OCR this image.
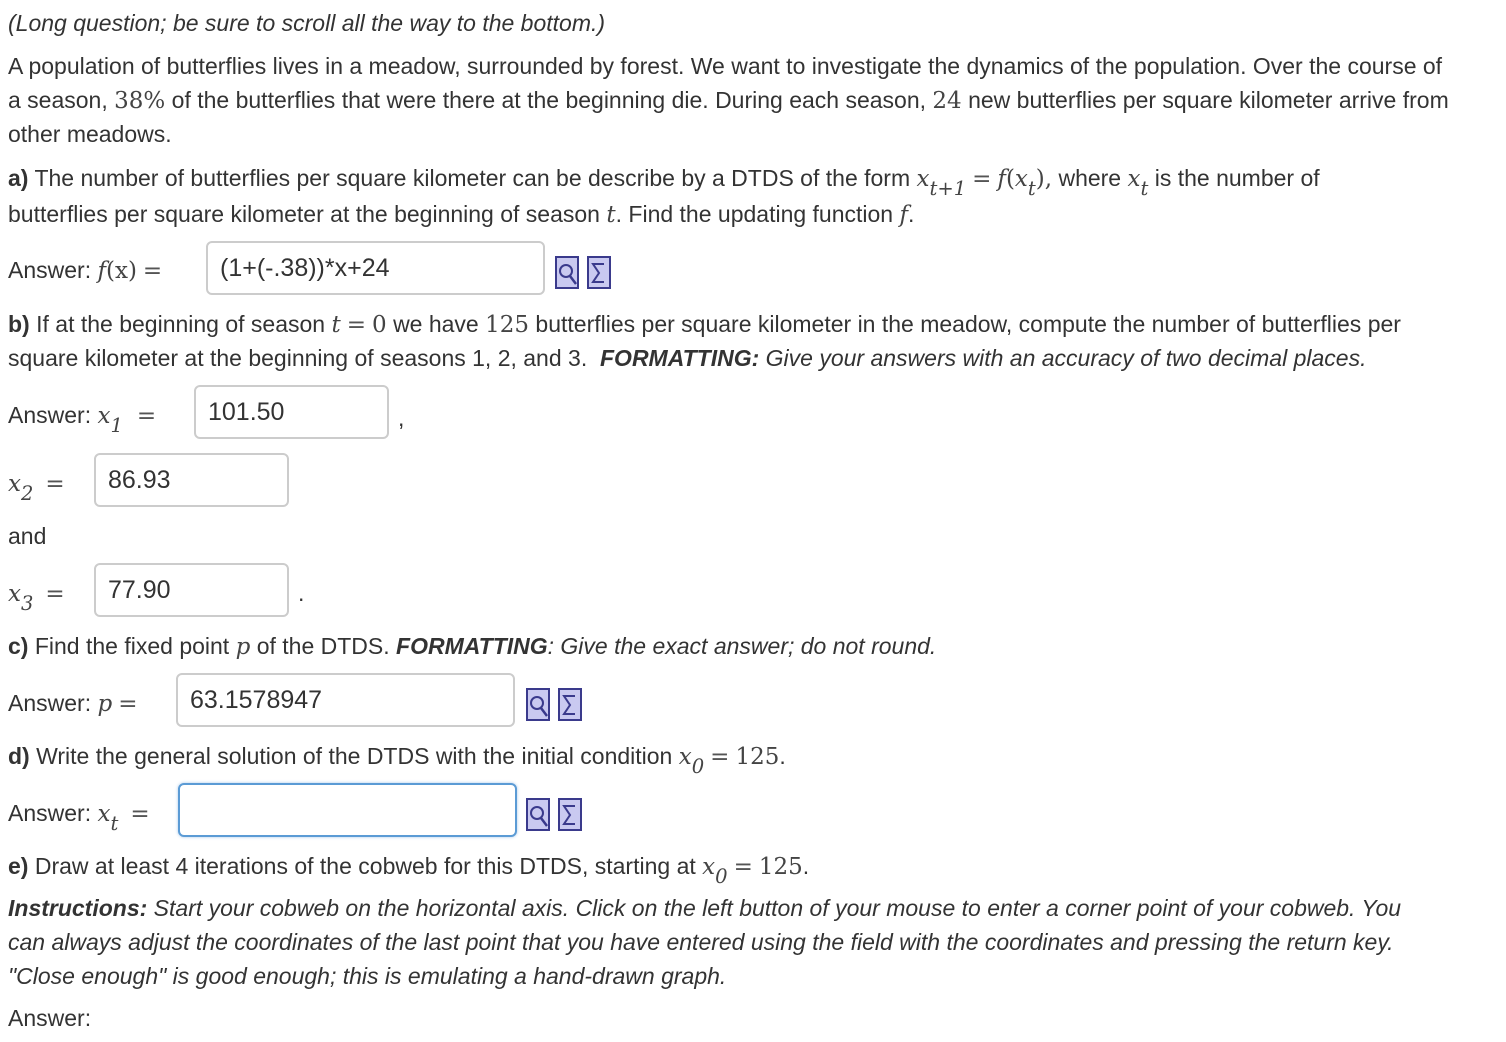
(Long question; be sure to scroll all the way to the bottom.)
A population of butterflies lives in a meadow, surrounded by forest. We want to investigate the dynamics of the population. Over the course of
a season, 38% of the butterflies that were there at the beginning die. During each season, 24 new butterflies per square kilometer arrive from
other meadows.
a) The number of butterflies per square kilometer can be describe by a DTDS of the form $x_{t+1} = f(x_t)$, where $x_t$ is the number of
butterflies per square kilometer at the beginning of season t. Find the updating function f.
Answer: f(x) =	(1+(-.38))*x+24
b) If at the beginning of season t = 0 we have 125 butterflies per square kilometer in the meadow, compute the number of butterflies per
square kilometer at the beginning of seasons 1, 2, and 3. FORMATTING: Give your answers with an accuracy of two decimal places.
Answer: $x_1$ =	101.50	,
$x_2$ =	86.93
and
$x_3$ =	77.90	.
c) Find the fixed point p of the DTDS. FORMATTING: Give the exact answer; do not round.
Answer: p =	63.1578947
d) Write the general solution of the DTDS with the initial condition $x_0 = 125$.
Answer: $x_t$ =
e) Draw at least 4 iterations of the cobweb for this DTDS, starting at $x_0 = 125$.
Instructions: Start your cobweb on the horizontal axis. Click on the left button of your mouse to enter a corner point of your cobweb. You
can always adjust the coordinates of the last point that you have entered using the field with the coordinates and pressing the return key.
"Close enough" is good enough; this is emulating a hand-drawn graph.
Answer:
